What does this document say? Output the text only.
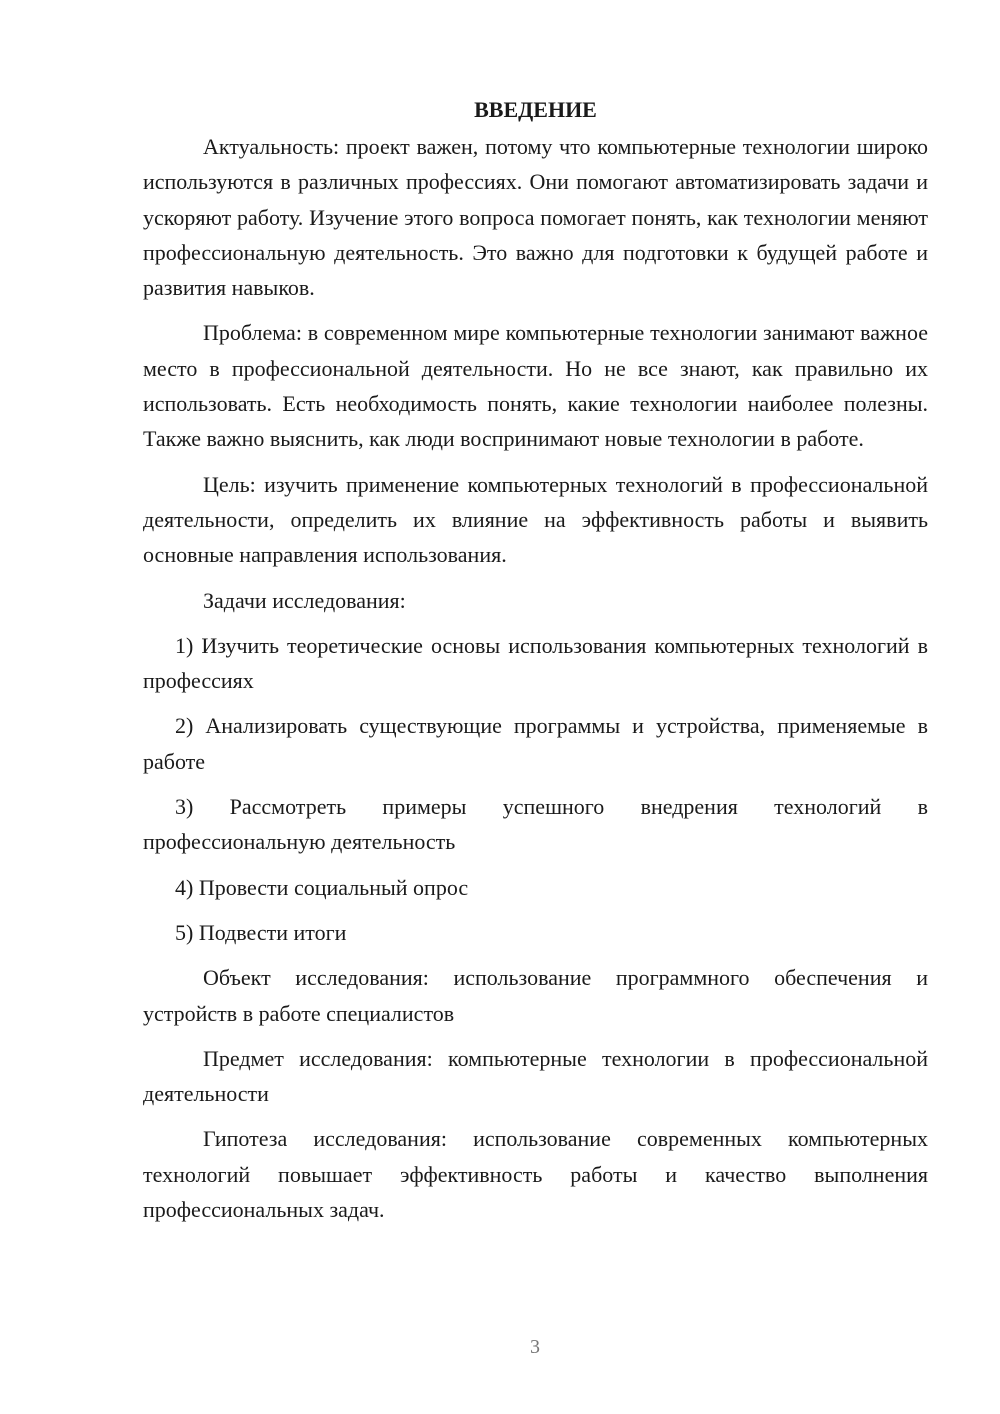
ВВЕДЕНИЕ

Актуальность: проект важен, потому что компьютерные технологии широко используются в различных профессиях. Они помогают автоматизировать задачи и ускоряют работу. Изучение этого вопроса помогает понять, как технологии меняют профессиональную деятельность. Это важно для подготовки к будущей работе и развития навыков.

Проблема: в современном мире компьютерные технологии занимают важное место в профессиональной деятельности. Но не все знают, как правильно их использовать. Есть необходимость понять, какие технологии наиболее полезны. Также важно выяснить, как люди воспринимают новые технологии в работе.

Цель: изучить применение компьютерных технологий в профессиональной деятельности, определить их влияние на эффективность работы и выявить основные направления использования.

Задачи исследования:

1) Изучить теоретические основы использования компьютерных технологий в профессиях

2) Анализировать существующие программы и устройства, применяемые в работе

3) Рассмотреть примеры успешного внедрения технологий в профессиональную деятельность

4) Провести социальный опрос

5) Подвести итоги

Объект исследования: использование программного обеспечения и устройств в работе специалистов

Предмет исследования: компьютерные технологии в профессиональной деятельности

Гипотеза исследования: использование современных компьютерных технологий повышает эффективность работы и качество выполнения профессиональных задач.

3
